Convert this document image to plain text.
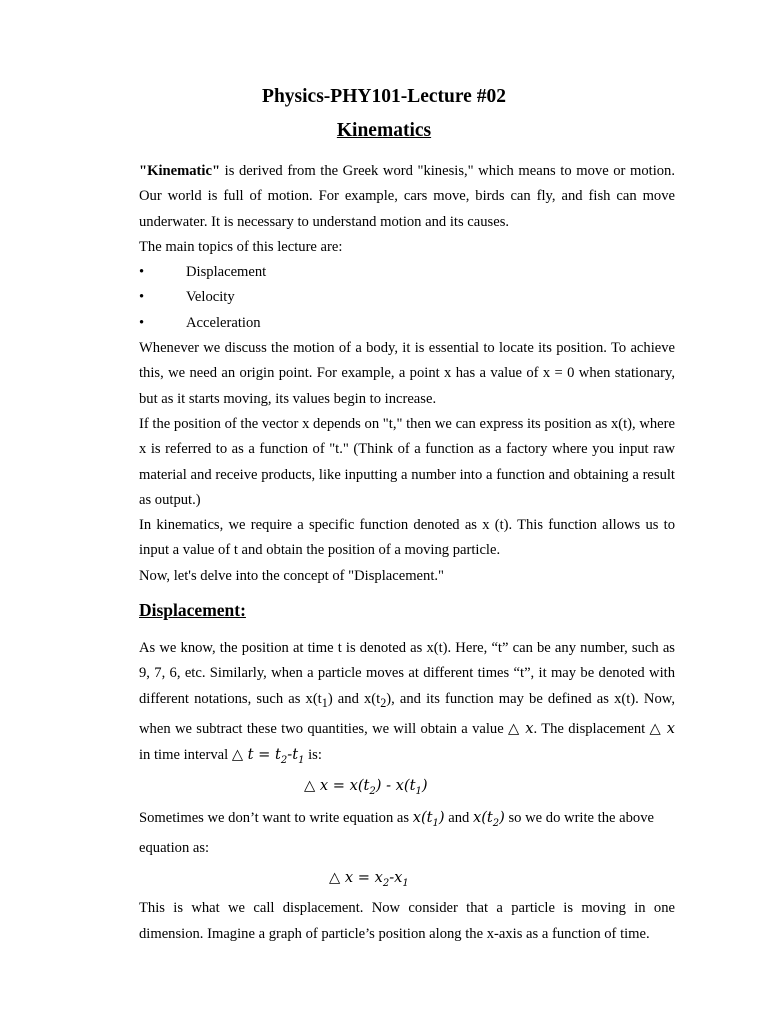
Physics-PHY101-Lecture #02
Kinematics

"Kinematic" is derived from the Greek word "kinesis," which means to move or motion. Our world is full of motion. For example, cars move, birds can fly, and fish can move underwater. It is necessary to understand motion and its causes.

The main topics of this lecture are:

•	Displacement
•	Velocity
•	Acceleration

Whenever we discuss the motion of a body, it is essential to locate its position. To achieve this, we need an origin point. For example, a point x has a value of x = 0 when stationary, but as it starts moving, its values begin to increase.

If the position of the vector x depends on "t," then we can express its position as x(t), where x is referred to as a function of "t." (Think of a function as a factory where you input raw material and receive products, like inputting a number into a function and obtaining a result as output.)

In kinematics, we require a specific function denoted as x (t). This function allows us to input a value of t and obtain the position of a moving particle.

Now, let's delve into the concept of "Displacement."

Displacement:

As we know, the position at time t is denoted as x(t). Here, “t” can be any number, such as 9, 7, 6, etc. Similarly, when a particle moves at different times “t”, it may be denoted with different notations, such as $x(t_1)$ and $x(t_2)$, and its function may be defined as x(t). Now, when we subtract these two quantities, we will obtain a value △ x. The displacement △ x in time interval △ $t = t_2-t_1$ is:

△ $x = x(t_2) - x(t_1)$

Sometimes we don’t want to write equation as $x(t_1)$ and $x(t_2)$ so we do write the above equation as:

△ $x = x_2-x_1$

This is what we call displacement. Now consider that a particle is moving in one dimension. Imagine a graph of particle’s position along the x-axis as a function of time.
